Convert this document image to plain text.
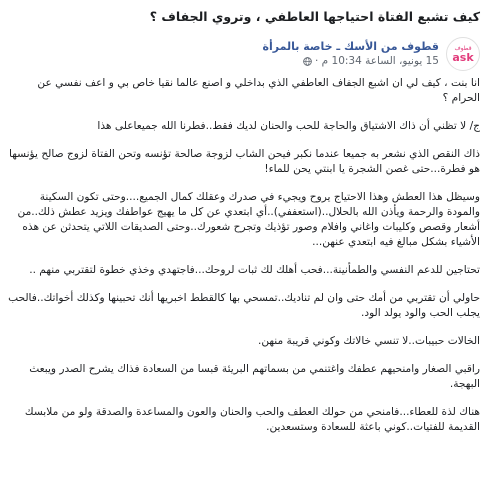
كيف تشبع الفتاة احتياجها العاطفي ، وتروي الجفاف ؟
قطوف
ask
قطوف من الأسك ـ خاصة بالمرأة
15 يونيو، الساعة 10:34 م ·

انا بنت ، كيف لي ان اشبع الجفاف العاطفي الذي بداخلي و اصنع عالما نقيا خاص بي و اعف نفسي عن الحرام ؟

ج/ لا تظني أن ذاك الاشتياق والحاجة للحب والحنان لديك فقط..فطرنا الله جميعاعلى هذا

ذاك النقص الذي نشعر به جميعا عندما نكبر فيحن الشاب لزوجة صالحة تؤنسه وتحن الفتاة لزوج صالح يؤنسها هو فطرة...حتى غصن الشجرة يا ابنتي يحن للماء!

وسيظل هذا العطش وهذا الاحتياج يروح ويجيء في صدرك وعقلك كمال الجميع....وحتى تكون السكينة والمودة والرحمة ويأذن الله بالحلال..(استعففي)..أي ابتعدي عن كل ما يهيج عواطفك ويزيد عطش ذلك..من أشعار وقصص وكليبات واغاني وافلام وصور تؤذيك وتجرح شعورك..وحتى الصديقات اللاتي يتحدثن عن هذه الأشياء بشكل مبالغ فيه ابتعدي عنهن...

تحتاجين للدعم النفسي والطمأنينة...فحب أهلك لك ثبات لروحك...فاجتهدي وخذي خطوة لتقتربي منهم ..

حاولي أن تقتربي من أمك حتى وان لم تناديك..تمسحي بها كالقطط اخبريها أنك تحبينها وكذلك أخواتك..فالحب يجلب الحب والود يولد الود.

الخالات حبيبات..لا تنسي خالاتك وكوني قريبة منهن.

راقبي الصغار وامنحيهم عطفك واغتنمي من بسماتهم البريئة قبسا من السعادة فذاك يشرح الصدر ويبعث البهجة.

هناك لذة للعطاء...فامنحي من حولك العطف والحب والحنان والعون والمساعدة والصدقة ولو من ملابسك القديمة للفتيات..كوني باعثة للسعادة وستسعدين.
